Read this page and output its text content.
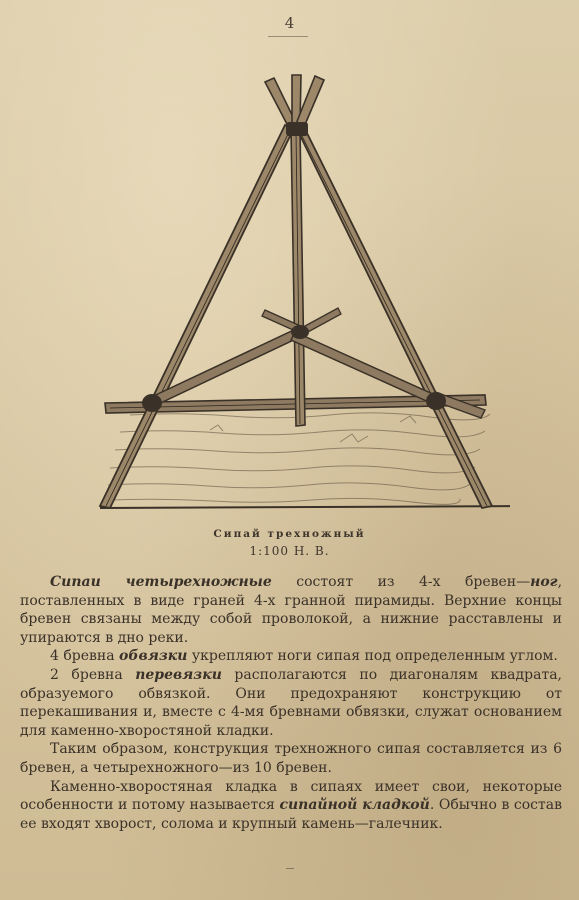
4
Сипай трехножный
1:100 Н. В.

Сипаи четырехножные состоят из 4-х бревен—ног, поставленных в виде граней 4-х гранной пирамиды. Верхние концы бревен связаны между собой проволокой, а нижние расставлены и упираются в дно реки.

4 бревна обвязки укрепляют ноги сипая под определенным углом.

2 бревна перевязки располагаются по диагоналям квадрата, образуемого обвязкой. Они предохраняют конструкцию от перекашивания и, вместе с 4-мя бревнами обвязки, служат основанием для каменно-хворостяной кладки.

Таким образом, конструкция трехножного сипая составляется из 6 бревен, а четырехножного—из 10 бревен.

Каменно-хворостяная кладка в сипаях имеет свои, некоторые особенности и потому называется сипайной кладкой. Обычно в состав ее входят хворост, солома и крупный камень—галечник.
